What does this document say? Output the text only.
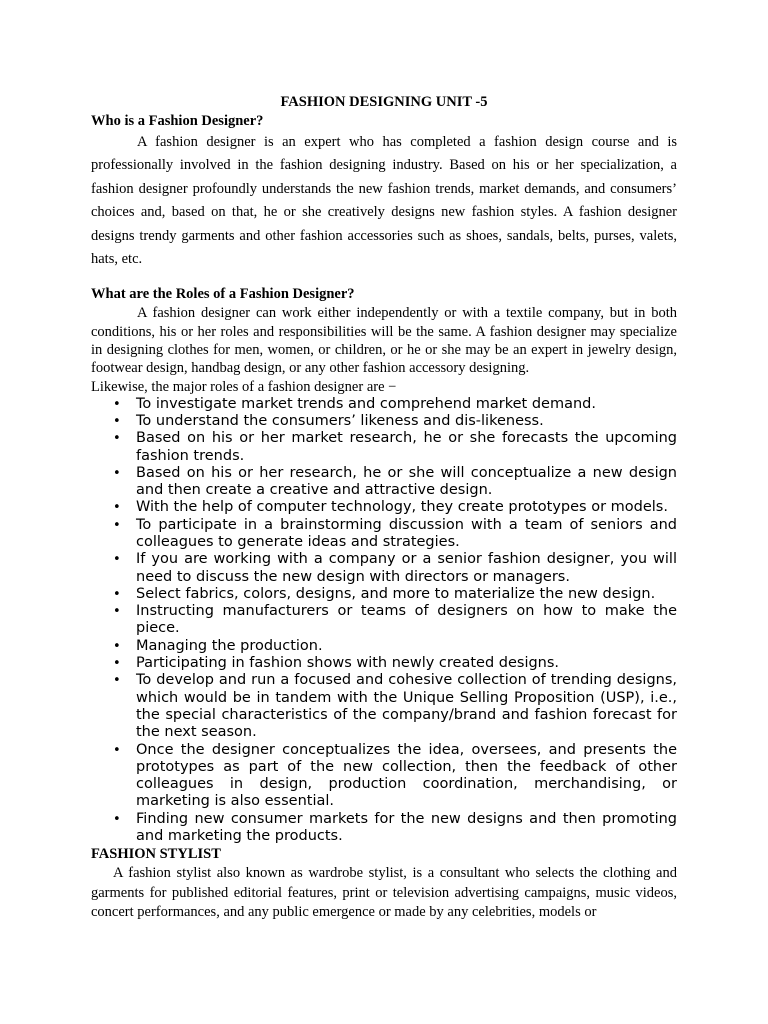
FASHION DESIGNING UNIT -5

Who is a Fashion Designer?

A fashion designer is an expert who has completed a fashion design course and is professionally involved in the fashion designing industry. Based on his or her specialization, a fashion designer profoundly understands the new fashion trends, market demands, and consumers’ choices and, based on that, he or she creatively designs new fashion styles. A fashion designer designs trendy garments and other fashion accessories such as shoes, sandals, belts, purses, valets, hats, etc.

What are the Roles of a Fashion Designer?

A fashion designer can work either independently or with a textile company, but in both conditions, his or her roles and responsibilities will be the same. A fashion designer may specialize in designing clothes for men, women, or children, or he or she may be an expert in jewelry design, footwear design, handbag design, or any other fashion accessory designing.

Likewise, the major roles of a fashion designer are −

• To investigate market trends and comprehend market demand.
• To understand the consumers’ likeness and dis-likeness.
• Based on his or her market research, he or she forecasts the upcoming fashion trends.
• Based on his or her research, he or she will conceptualize a new design and then create a creative and attractive design.
• With the help of computer technology, they create prototypes or models.
• To participate in a brainstorming discussion with a team of seniors and colleagues to generate ideas and strategies.
• If you are working with a company or a senior fashion designer, you will need to discuss the new design with directors or managers.
• Select fabrics, colors, designs, and more to materialize the new design.
• Instructing manufacturers or teams of designers on how to make the piece.
• Managing the production.
• Participating in fashion shows with newly created designs.
• To develop and run a focused and cohesive collection of trending designs, which would be in tandem with the Unique Selling Proposition (USP), i.e., the special characteristics of the company/brand and fashion forecast for the next season.
• Once the designer conceptualizes the idea, oversees, and presents the prototypes as part of the new collection, then the feedback of other colleagues in design, production coordination, merchandising, or marketing is also essential.
• Finding new consumer markets for the new designs and then promoting and marketing the products.

FASHION STYLIST

A fashion stylist also known as wardrobe stylist, is a consultant who selects the clothing and garments for published editorial features, print or television advertising campaigns, music videos, concert performances, and any public emergence or made by any celebrities, models or
